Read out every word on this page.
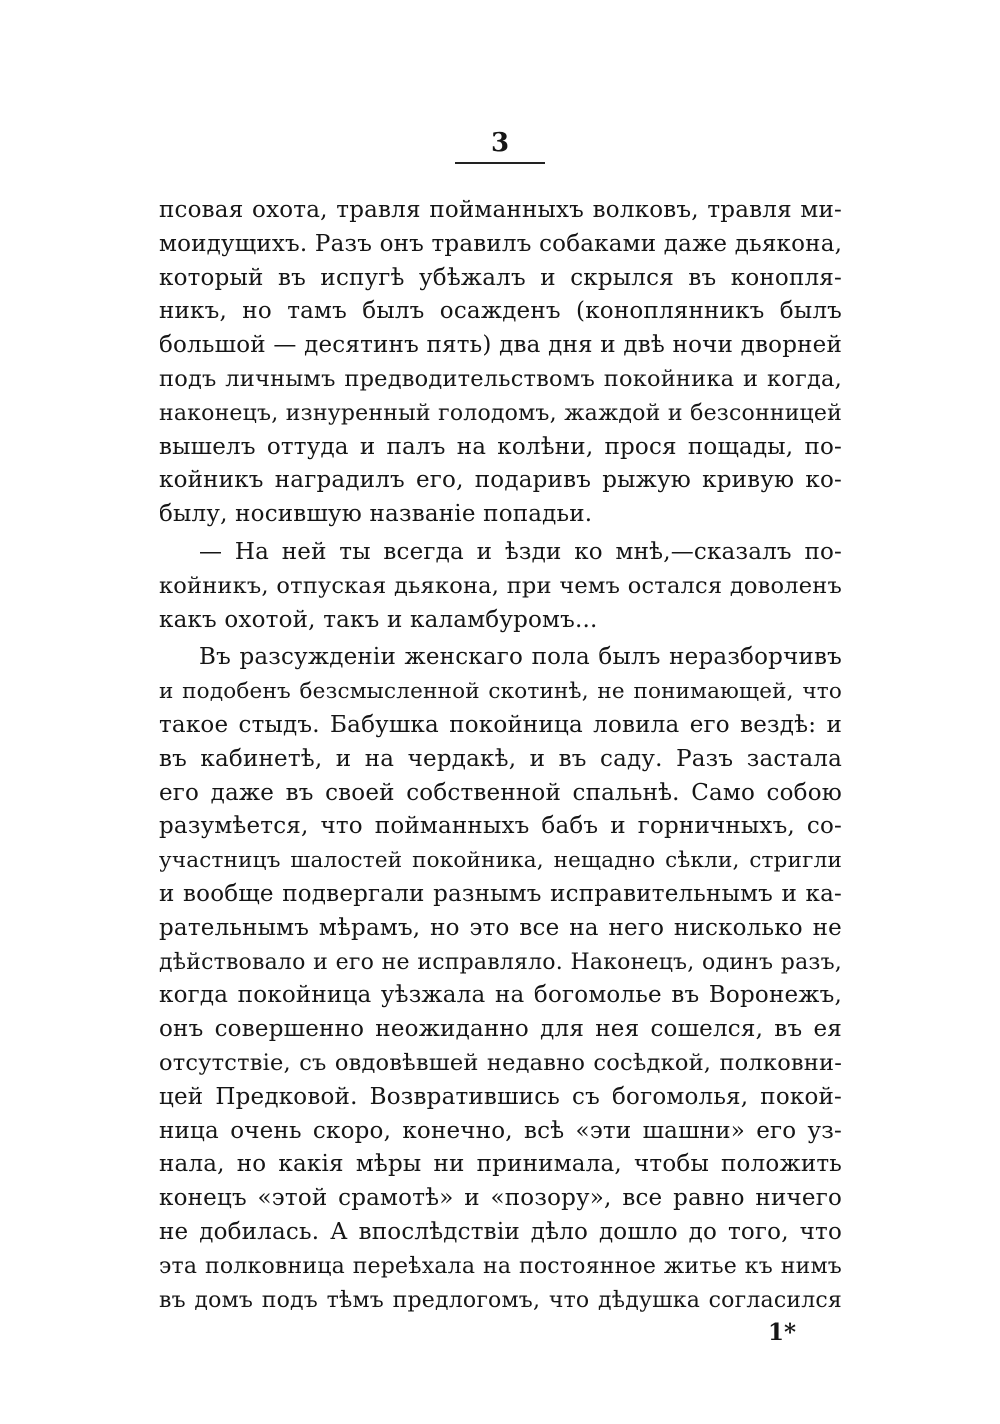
3
псовая охота, травля пойманныхъ волковъ, травля ми-
моидущихъ. Разъ онъ травилъ собаками даже дьякона,
который въ испугѣ убѣжалъ и скрылся въ конопля-
никъ, но тамъ былъ осажденъ (коноплянникъ былъ
большой — десятинъ пять) два дня и двѣ ночи дворней
подъ личнымъ предводительствомъ покойника и когда,
наконецъ, изнуренный голодомъ, жаждой и безсонницей
вышелъ оттуда и палъ на колѣни, прося пощады, по-
койникъ наградилъ его, подаривъ рыжую кривую ко-
былу, носившую названіе попадьи.
— На ней ты всегда и ѣзди ко мнѣ,—сказалъ по-
койникъ, отпуская дьякона, при чемъ остался доволенъ
какъ охотой, такъ и каламбуромъ...
Въ разсужденіи женскаго пола былъ неразборчивъ
и подобенъ безсмысленной скотинѣ, не понимающей, что
такое стыдъ. Бабушка покойница ловила его вездѣ: и
въ кабинетѣ, и на чердакѣ, и въ саду. Разъ застала
его даже въ своей собственной спальнѣ. Само собою
разумѣется, что пойманныхъ бабъ и горничныхъ, со-
участницъ шалостей покойника, нещадно сѣкли, стригли
и вообще подвергали разнымъ исправительнымъ и ка-
рательнымъ мѣрамъ, но это все на него нисколько не
дѣйствовало и его не исправляло. Наконецъ, одинъ разъ,
когда покойница уѣзжала на богомолье въ Воронежъ,
онъ совершенно неожиданно для нея сошелся, въ ея
отсутствіе, съ овдовѣвшей недавно сосѣдкой, полковни-
цей Предковой. Возвратившись съ богомолья, покой-
ница очень скоро, конечно, всѣ «эти шашни» его уз-
нала, но какія мѣры ни принимала, чтобы положить
конецъ «этой срамотѣ» и «позору», все равно ничего
не добилась. А впослѣдствіи дѣло дошло до того, что
эта полковница переѣхала на постоянное житье къ нимъ
въ домъ подъ тѣмъ предлогомъ, что дѣдушка согласился
1*
